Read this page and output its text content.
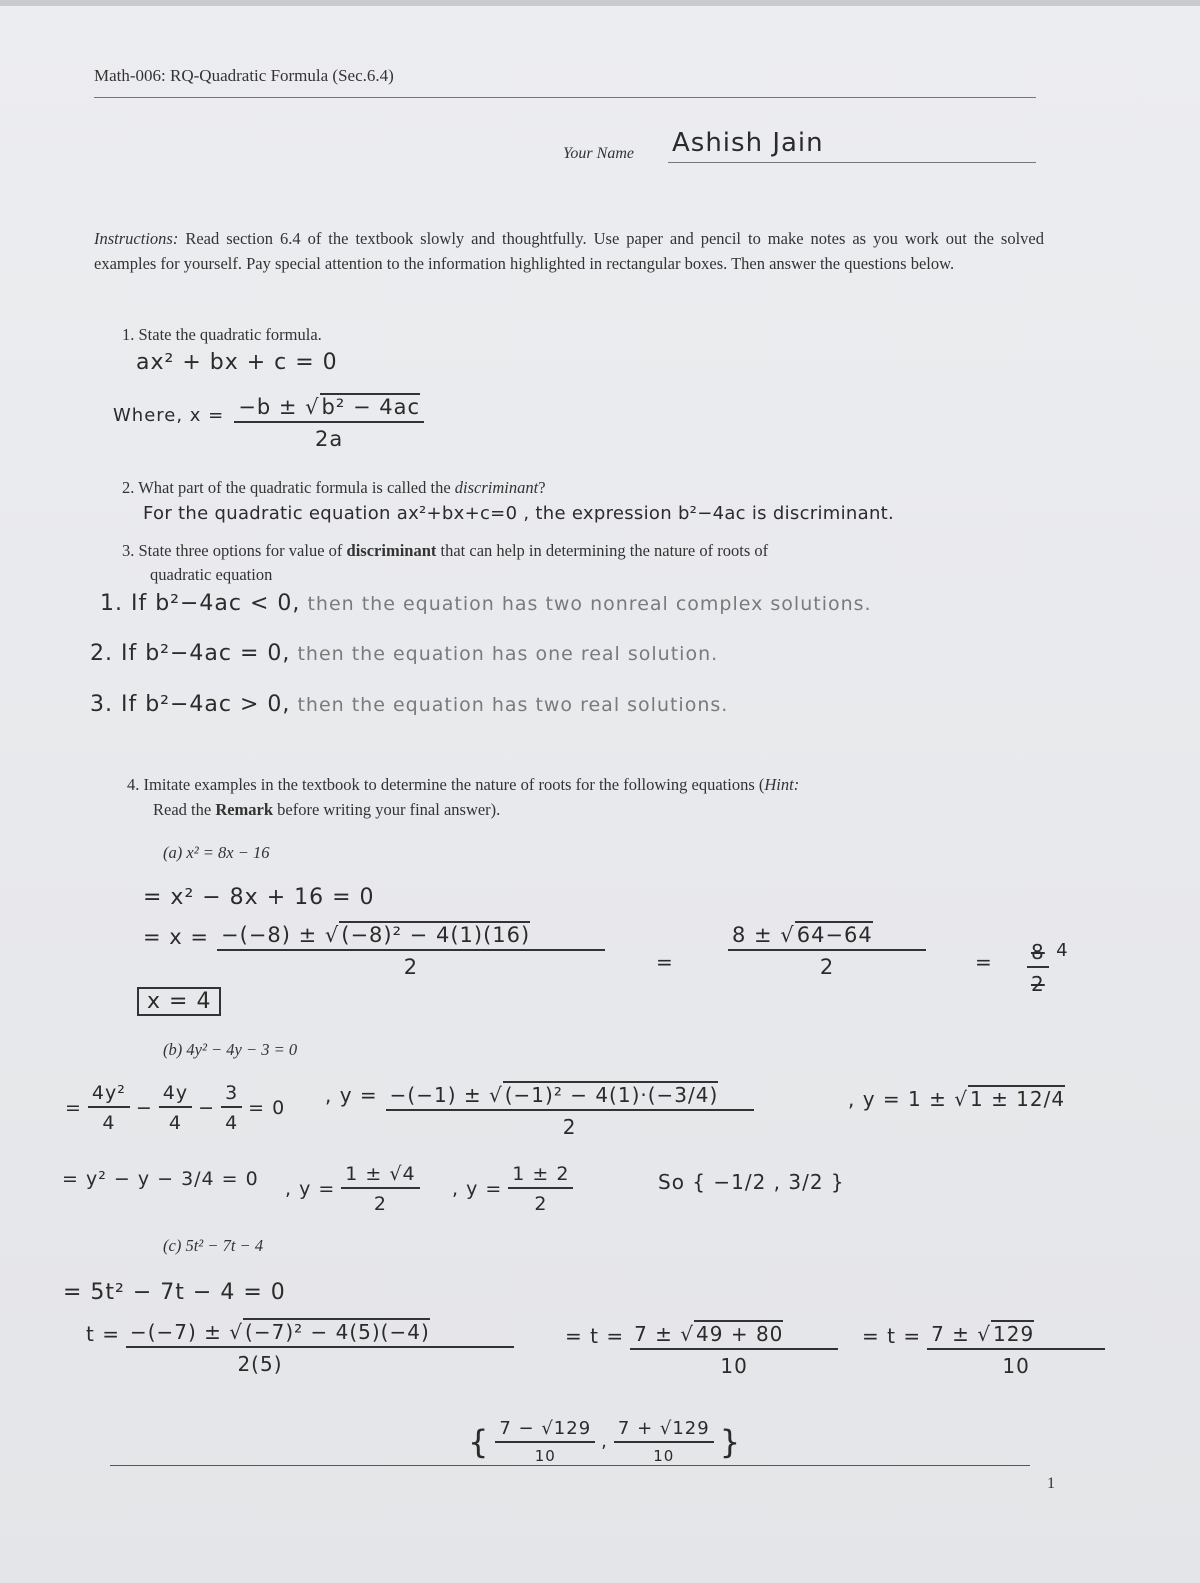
Math-006: RQ-Quadratic Formula (Sec.6.4)
Your Name Ashish Jain
Instructions: Read section 6.4 of the textbook slowly and thoughtfully. Use paper and pencil to make notes as you work out the solved examples for yourself. Pay special attention to the information highlighted in rectangular boxes. Then answer the questions below.
1. State the quadratic formula.
ax² + bx + c = 0
Where, $x = \frac{\text{−b ± √b² − 4ac}}{2a}$
2. What part of the quadratic formula is called the discriminant?
For the quadratic equation ax²+bx+c=0 , the expression b²−4ac is discriminant.
3. State three options for value of discriminant that can help in determining the nature of roots of
quadratic equation
1. If b²−4ac < 0, then the equation has two nonreal complex solutions.
2. If b²−4ac = 0, then the equation has one real solution.
3. If b²−4ac > 0, then the equation has two real solutions.
4. Imitate examples in the textbook to determine the nature of roots for the following equations (Hint:
Read the Remark before writing your final answer).
(a) x² = 8x − 16
= x² − 8x + 16 = 0
= $x = \frac{\text{−(−8) ± √(−8)² − 4(1)(16)}}{2}$	=	$\frac{8 \pm √64-64}{2} = \frac{8}{2} 4$
x = 4
(b) 4y² − 4y − 3 = 0
= $\frac{\text{4y²}}{4} - \frac{4y}{4} - \frac{3}{4} = 0$
, $y = \frac{\text{−(−1) ± √ (−1)² − 4(1)·(−3/4)}}{2}$	, y = 1 ± √ 1 ± 12/4
= y² − y − 3/4 = 0 , $y = \frac{1 \pm √4}{2}$ , $y = \frac{1 \pm 2}{2}$	So { −1/2 , 3/2 }
(c) 5t² − 7t − 4
= 5t² − 7t − 4 = 0
$t = \frac{\text{−(−7) ± √ (−7)² − 4(5)(−4)}}{2(5)}$	= $t = \frac{7 \pm √ 49 + 80}{10} = t = \frac{7 \pm √ 129}{10}$
{ $\frac{7 - √129}{10}$ , $\frac{7 + √129}{10}$ }
1
